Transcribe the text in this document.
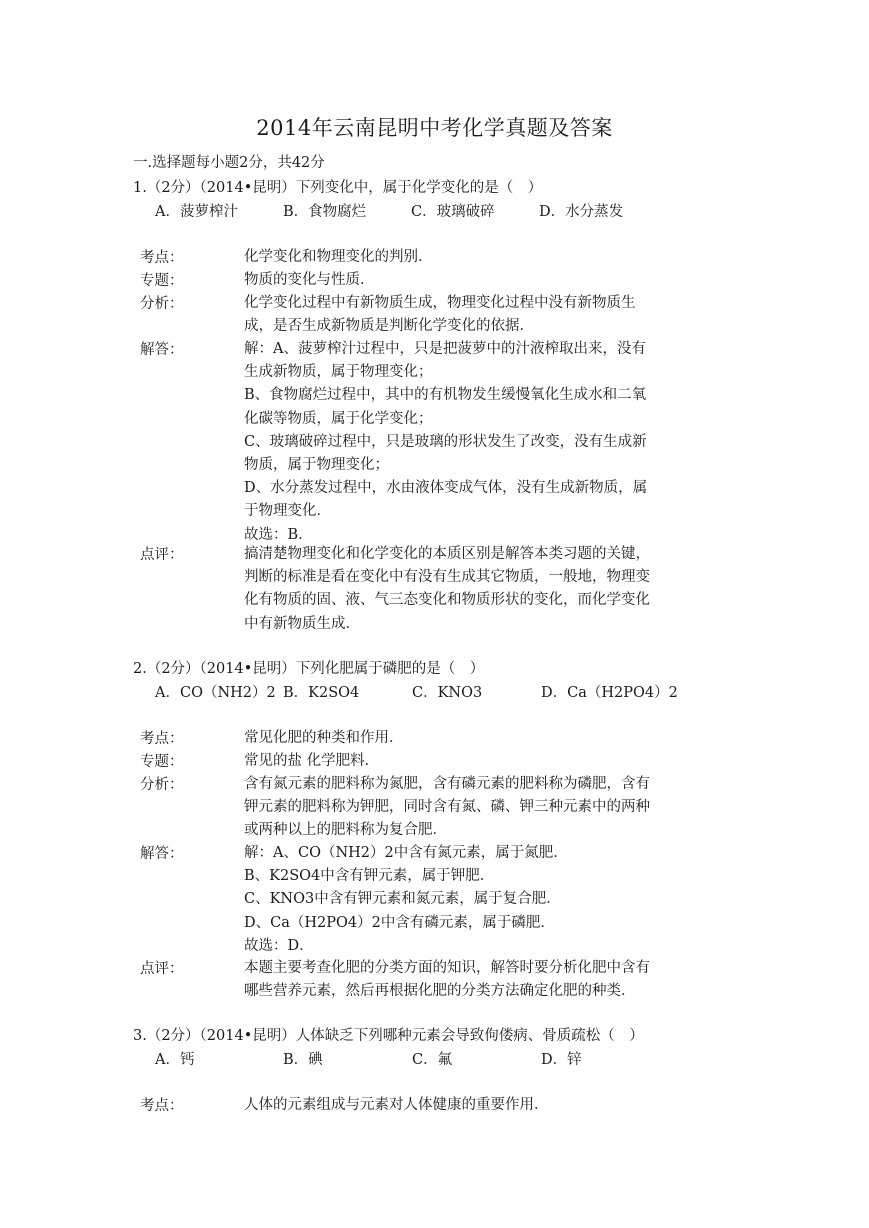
2014年云南昆明中考化学真题及答案
一.选择题每小题2分，共42分
1.（2分）（2014•昆明）下列变化中，属于化学变化的是（　）
A．菠萝榨汁	B．食物腐烂	C．玻璃破碎	D．水分蒸发
考点：	化学变化和物理变化的判别．
专题：	物质的变化与性质．
分析：	化学变化过程中有新物质生成，物理变化过程中没有新物质生
成，是否生成新物质是判断化学变化的依据．
解答：	解：A、菠萝榨汁过程中，只是把菠萝中的汁液榨取出来，没有
生成新物质，属于物理变化；
B、食物腐烂过程中，其中的有机物发生缓慢氧化生成水和二氧
化碳等物质，属于化学变化；
C、玻璃破碎过程中，只是玻璃的形状发生了改变，没有生成新
物质，属于物理变化；
D、水分蒸发过程中，水由液体变成气体，没有生成新物质，属
于物理变化．
故选：B．
点评：	搞清楚物理变化和化学变化的本质区别是解答本类习题的关键，
判断的标准是看在变化中有没有生成其它物质，一般地，物理变
化有物质的固、液、气三态变化和物质形状的变化，而化学变化
中有新物质生成．
2.（2分）（2014•昆明）下列化肥属于磷肥的是（　）
A．CO（NH2）2 B．K2SO4	C．KNO3	D．Ca（H2PO4）2
考点：	常见化肥的种类和作用．
专题：	常见的盐 化学肥料．
分析：	含有氮元素的肥料称为氮肥，含有磷元素的肥料称为磷肥，含有
钾元素的肥料称为钾肥，同时含有氮、磷、钾三种元素中的两种
或两种以上的肥料称为复合肥．
解答：	解：A、CO（NH2）2中含有氮元素，属于氮肥．
B、K2SO4中含有钾元素，属于钾肥．
C、KNO3中含有钾元素和氮元素，属于复合肥．
D、Ca（H2PO4）2中含有磷元素，属于磷肥．
故选：D．
点评：	本题主要考查化肥的分类方面的知识，解答时要分析化肥中含有
哪些营养元素，然后再根据化肥的分类方法确定化肥的种类．
3.（2分）（2014•昆明）人体缺乏下列哪种元素会导致佝偻病、骨质疏松（　）
A．钙	B．碘	C．氟	D．锌
考点：	人体的元素组成与元素对人体健康的重要作用．
